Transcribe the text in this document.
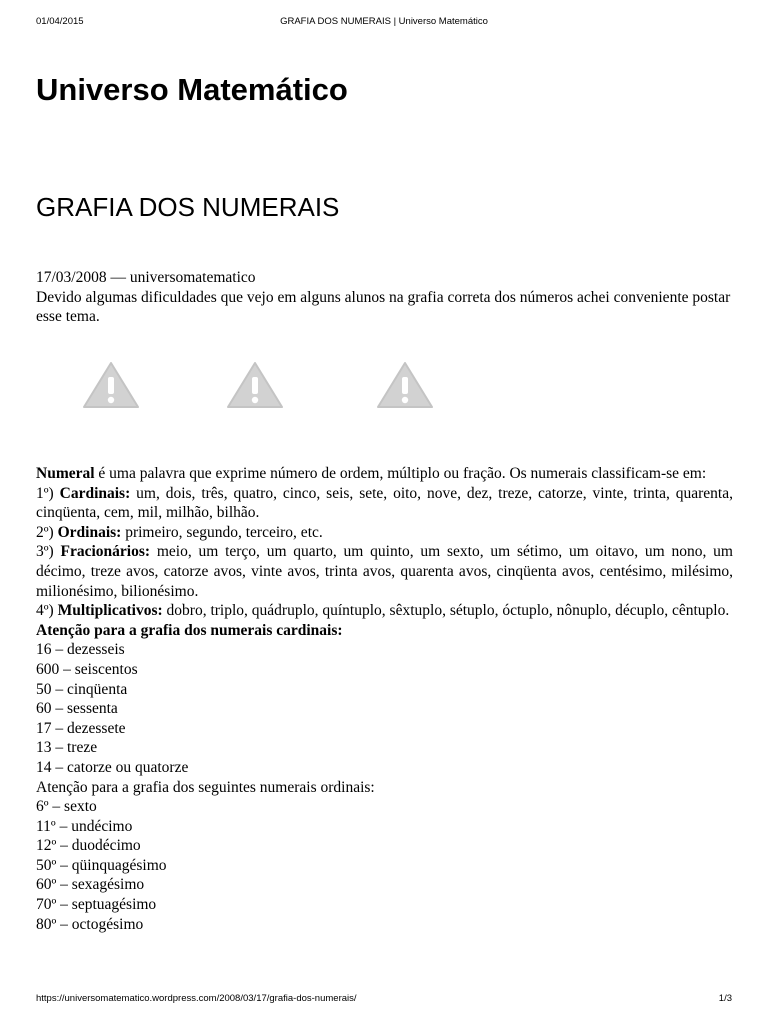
01/04/2015	GRAFIA DOS NUMERAIS | Universo Matemático
Universo Matemático
GRAFIA DOS NUMERAIS
17/03/2008 — universomatematico
Devido algumas dificuldades que vejo em alguns alunos na grafia correta dos números achei conveniente postar esse tema.
Numeral é uma palavra que exprime número de ordem, múltiplo ou fração. Os numerais classificam-se em:
1º) Cardinais: um, dois, três, quatro, cinco, seis, sete, oito, nove, dez, treze, catorze, vinte, trinta, quarenta, cinqüenta, cem, mil, milhão, bilhão.
2º) Ordinais: primeiro, segundo, terceiro, etc.
3º) Fracionários: meio, um terço, um quarto, um quinto, um sexto, um sétimo, um oitavo, um nono, um décimo, treze avos, catorze avos, vinte avos, trinta avos, quarenta avos, cinqüenta avos, centésimo, milésimo, milionésimo, bilionésimo.
4º) Multiplicativos: dobro, triplo, quádruplo, quíntuplo, sêxtuplo, sétuplo, óctuplo, nônuplo, décuplo, cêntuplo.
Atenção para a grafia dos numerais cardinais:
16 – dezesseis
600 – seiscentos
50 – cinqüenta
60 – sessenta
17 – dezessete
13 – treze
14 – catorze ou quatorze
Atenção para a grafia dos seguintes numerais ordinais:
6º – sexto
11º – undécimo
12º – duodécimo
50º – qüinquagésimo
60º – sexagésimo
70º – septuagésimo
80º – octogésimo
https://universomatematico.wordpress.com/2008/03/17/grafia-dos-numerais/	1/3
